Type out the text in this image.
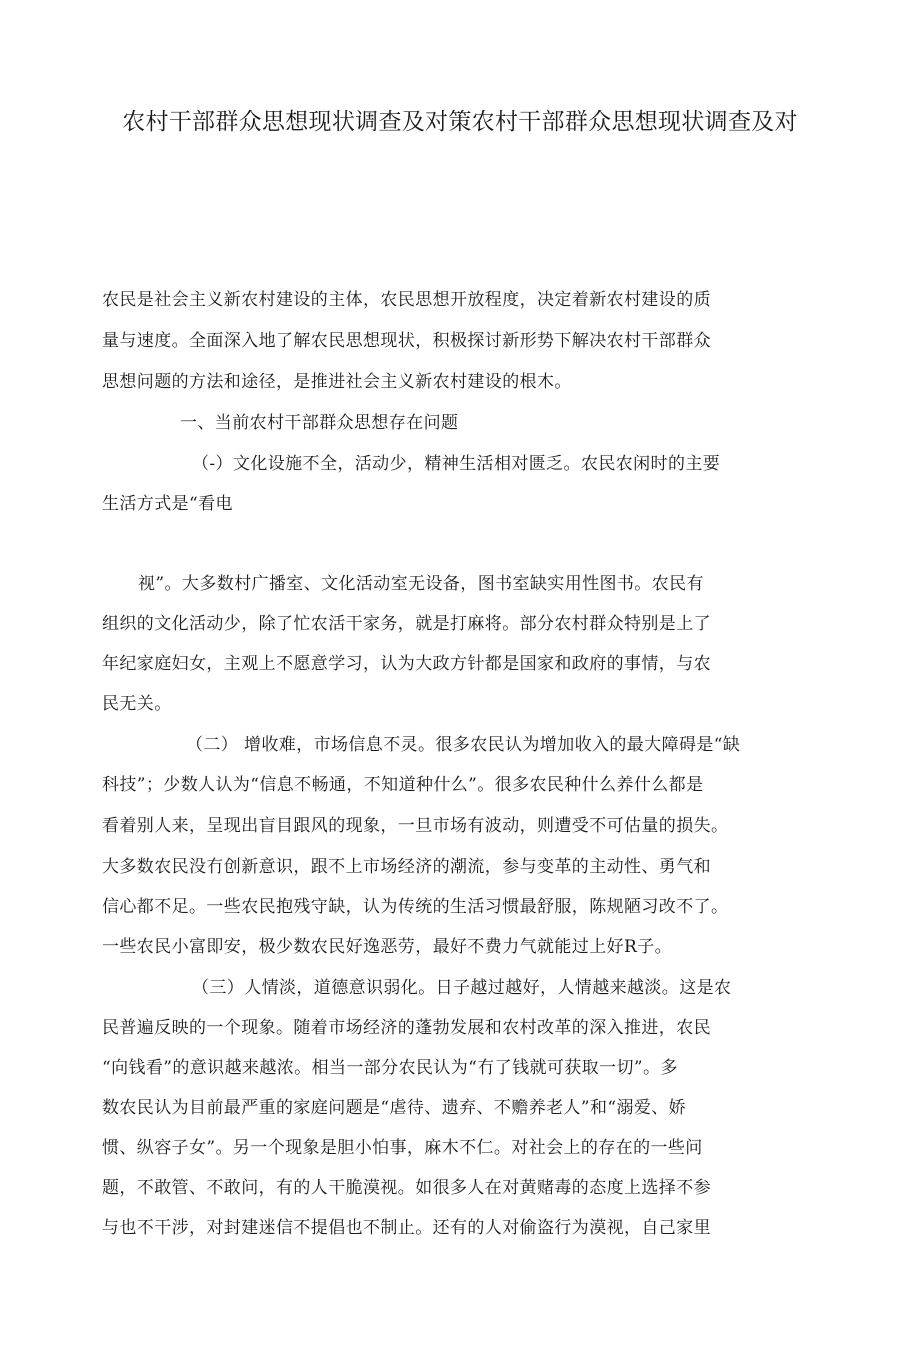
农村干部群众思想现状调查及对策农村干部群众思想现状调查及对
农民是社会主义新农村建设的主体，农民思想开放程度，决定着新农村建设的质
量与速度。全面深入地了解农民思想现状，积极探讨新形势下解决农村干部群众
思想问题的方法和途径，是推进社会主义新农村建设的根木。
一、当前农村干部群众思想存在问题
（-）文化设施不全，活动少，精神生活相对匮乏。农民农闲时的主要
生活方式是“看电
视”。大多数村广播室、文化活动室无设备，图书室缺实用性图书。农民有
组织的文化活动少，除了忙农活干家务，就是打麻将。部分农村群众特别是上了
年纪家庭妇女，主观上不愿意学习，认为大政方针都是国家和政府的事情，与农
民无关。
（二） 增收难，市场信息不灵。很多农民认为增加收入的最大障碍是“缺
科技”；少数人认为“信息不畅通，不知道种什么”。很多农民种什么养什么都是
看着别人来，呈现出盲目跟风的现象，一旦市场有波动，则遭受不可估量的损失。
大多数农民没冇创新意识，跟不上市场经济的潮流，参与变革的主动性、勇气和
信心都不足。一些农民抱残守缺，认为传统的生活习惯最舒服，陈规陋习改不了。
一些农民小富即安，极少数农民好逸恶劳，最好不费力气就能过上好R子。
（三）人情淡，道德意识弱化。日子越过越好，人情越来越淡。这是农
民普遍反映的一个现象。随着市场经济的蓬勃发展和农村改革的深入推进，农民
“向钱看”的意识越来越浓。相当一部分农民认为“冇了钱就可获取一切”。多
数农民认为目前最严重的家庭问题是“虐待、遗弃、不赡养老人”和“溺爱、娇
惯、纵容子女”。另一个现象是胆小怕事，麻木不仁。对社会上的存在的一些问
题，不敢管、不敢问，有的人干脆漠视。如很多人在对黄赌毒的态度上选择不参
与也不干涉，对封建迷信不提倡也不制止。还有的人对偷盗行为漠视，自己家里
